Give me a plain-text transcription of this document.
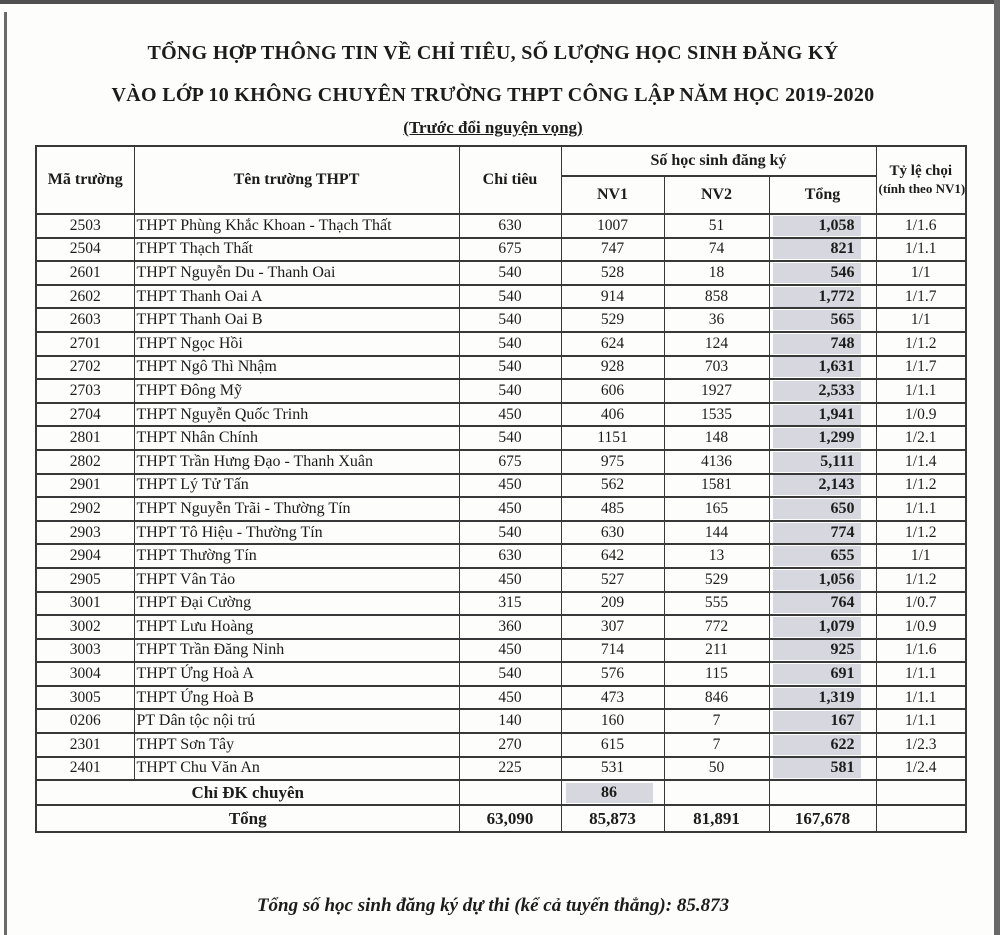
TỔNG HỢP THÔNG TIN VỀ CHỈ TIÊU, SỐ LƯỢNG HỌC SINH ĐĂNG KÝ
VÀO LỚP 10 KHÔNG CHUYÊN TRƯỜNG THPT CÔNG LẬP NĂM HỌC 2019-2020
(Trước đổi nguyện vọng)
Mã trường	Tên trường THPT	Chỉ tiêu	Số học sinh đăng ký			Tỷ lệ chọi
(tính theo NV1)

			NV1	NV2	Tổng	
2503	THPT Phùng Khắc Khoan - Thạch Thất	630	1007	51	1,058	1/1.6
2504	THPT Thạch Thất	675	747	74	821	1/1.1
2601	THPT Nguyễn Du - Thanh Oai	540	528	18	546	1/1
2602	THPT Thanh Oai A	540	914	858	1,772	1/1.7
2603	THPT Thanh Oai B	540	529	36	565	1/1
2701	THPT Ngọc Hồi	540	624	124	748	1/1.2
2702	THPT Ngô Thì Nhậm	540	928	703	1,631	1/1.7
2703	THPT Đông Mỹ	540	606	1927	2,533	1/1.1
2704	THPT Nguyễn Quốc Trinh	450	406	1535	1,941	1/0.9
2801	THPT Nhân Chính	540	1151	148	1,299	1/2.1
2802	THPT Trần Hưng Đạo - Thanh Xuân	675	975	4136	5,111	1/1.4
2901	THPT Lý Tử Tấn	450	562	1581	2,143	1/1.2
2902	THPT Nguyễn Trãi - Thường Tín	450	485	165	650	1/1.1
2903	THPT Tô Hiệu - Thường Tín	540	630	144	774	1/1.2
2904	THPT Thường Tín	630	642	13	655	1/1
2905	THPT Vân Tảo	450	527	529	1,056	1/1.2
3001	THPT Đại Cường	315	209	555	764	1/0.7
3002	THPT Lưu Hoàng	360	307	772	1,079	1/0.9
3003	THPT Trần Đăng Ninh	450	714	211	925	1/1.6
3004	THPT Ứng Hoà A	540	576	115	691	1/1.1
3005	THPT Ứng Hoà B	450	473	846	1,319	1/1.1
0206	PT Dân tộc nội trú	140	160	7	167	1/1.1
2301	THPT Sơn Tây	270	615	7	622	1/2.3
2401	THPT Chu Văn An	225	531	50	581	1/2.4
Chỉ ĐK chuyên			86			

Tổng		63,090	85,873	81,891	167,678	
Tổng số học sinh đăng ký dự thi (kể cả tuyển thẳng): 85.873
